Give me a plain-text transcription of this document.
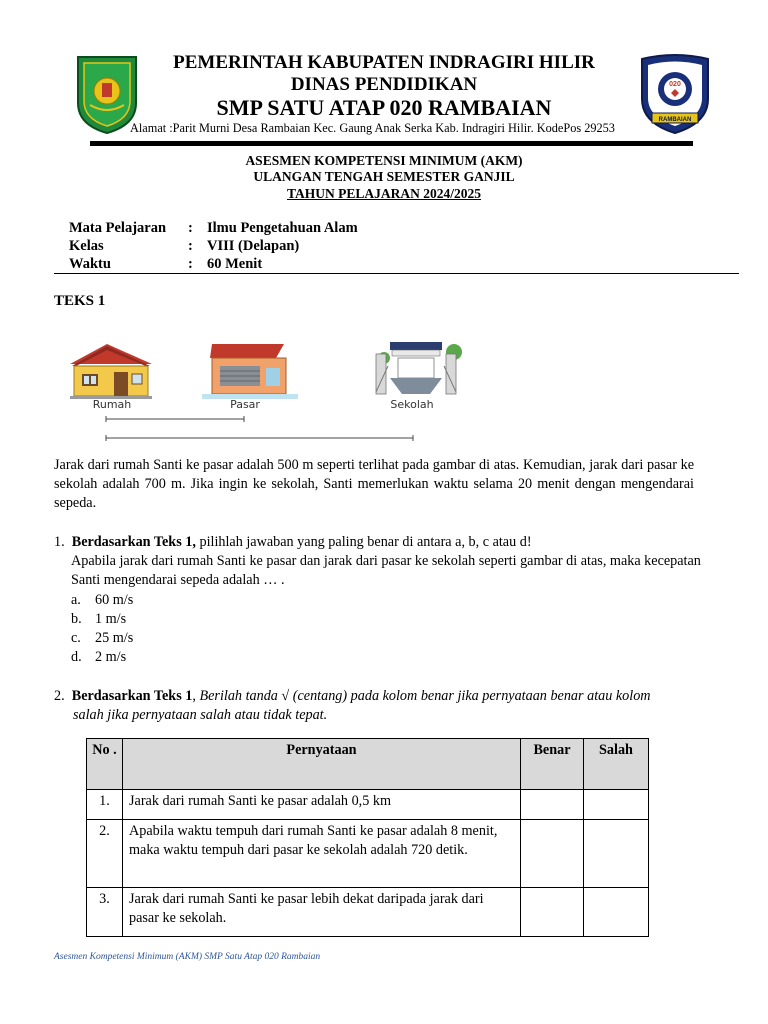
020
RAMBAIAN
PEMERINTAH KABUPATEN INDRAGIRI HILIR
DINAS PENDIDIKAN
SMP SATU ATAP 020 RAMBAIAN
Alamat :Parit Murni Desa Rambaian Kec. Gaung Anak Serka Kab. Indragiri Hilir. KodePos 29253
ASESMEN KOMPETENSI MINIMUM (AKM)
ULANGAN TENGAH SEMESTER GANJIL
TAHUN PELAJARAN 2024/2025
Mata Pelajaran : Ilmu Pengetahuan Alam
Kelas	: VIII (Delapan)
Waktu	: 60 Menit
TEKS 1
Rumah	Pasar	Sekolah
Jarak dari rumah Santi ke pasar adalah 500 m seperti terlihat pada gambar di atas. Kemudian, jarak dari pasar ke sekolah adalah 700 m. Jika ingin ke sekolah, Santi memerlukan waktu selama 20 menit dengan mengendarai sepeda.
1. Berdasarkan Teks 1, pilihlah jawaban yang paling benar di antara a, b, c atau d!
Apabila jarak dari rumah Santi ke pasar dan jarak dari pasar ke sekolah seperti gambar di atas, maka kecepatan Santi mengendarai sepeda adalah … .
a. 60 m/s
b. 1 m/s
c. 25 m/s
d. 2 m/s
2. Berdasarkan Teks 1, Berilah tanda √ (centang) pada kolom benar jika pernyataan benar atau kolom
salah jika pernyataan salah atau tidak tepat.
No .	Pernyataan	Benar	Salah
1.	Jarak dari rumah Santi ke pasar adalah 0,5 km		
2.	Apabila waktu tempuh dari rumah Santi ke pasar adalah 8 menit, maka waktu tempuh dari pasar ke sekolah adalah 720 detik.		
3.	Jarak dari rumah Santi ke pasar lebih dekat daripada jarak dari pasar ke sekolah.		
Asesmen Kompetensi Minimum (AKM) SMP Satu Atap 020 Rambaian
